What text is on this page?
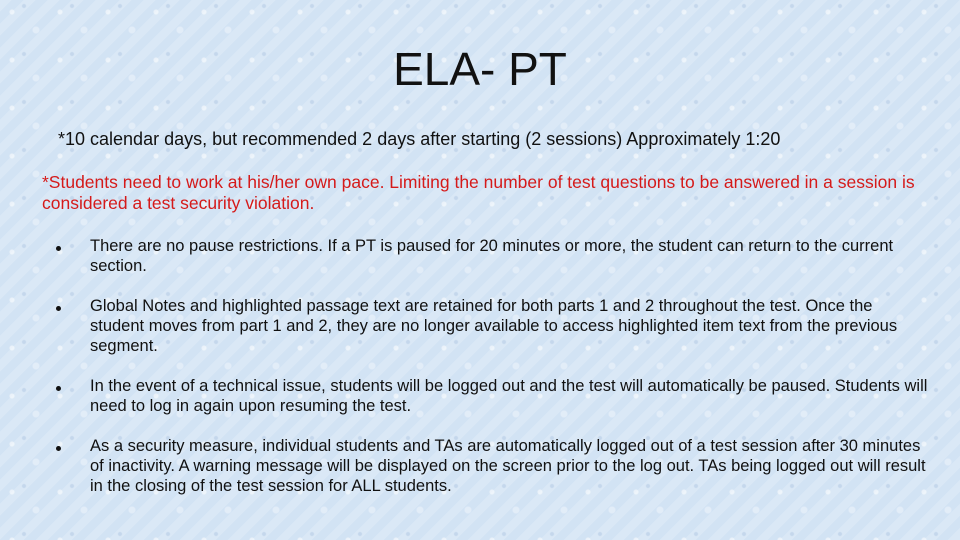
ELA- PT
*10 calendar days, but recommended 2 days after starting (2 sessions) Approximately 1:20
*Students need to work at his/her own pace. Limiting the number of test questions to be answered in a session is considered a test security violation.
There are no pause restrictions. If a PT is paused for 20 minutes or more, the student can return to the current section.
Global Notes and highlighted passage text are retained for both parts 1 and 2 throughout the test. Once the student moves from part 1 and 2, they are no longer available to access highlighted item text from the previous segment.
In the event of a technical issue, students will be logged out and the test will automatically be paused. Students will need to log in again upon resuming the test.
As a security measure, individual students and TAs are automatically logged out of a test session after 30 minutes of inactivity. A warning message will be displayed on the screen prior to the log out. TAs being logged out will result in the closing of the test session for ALL students.
